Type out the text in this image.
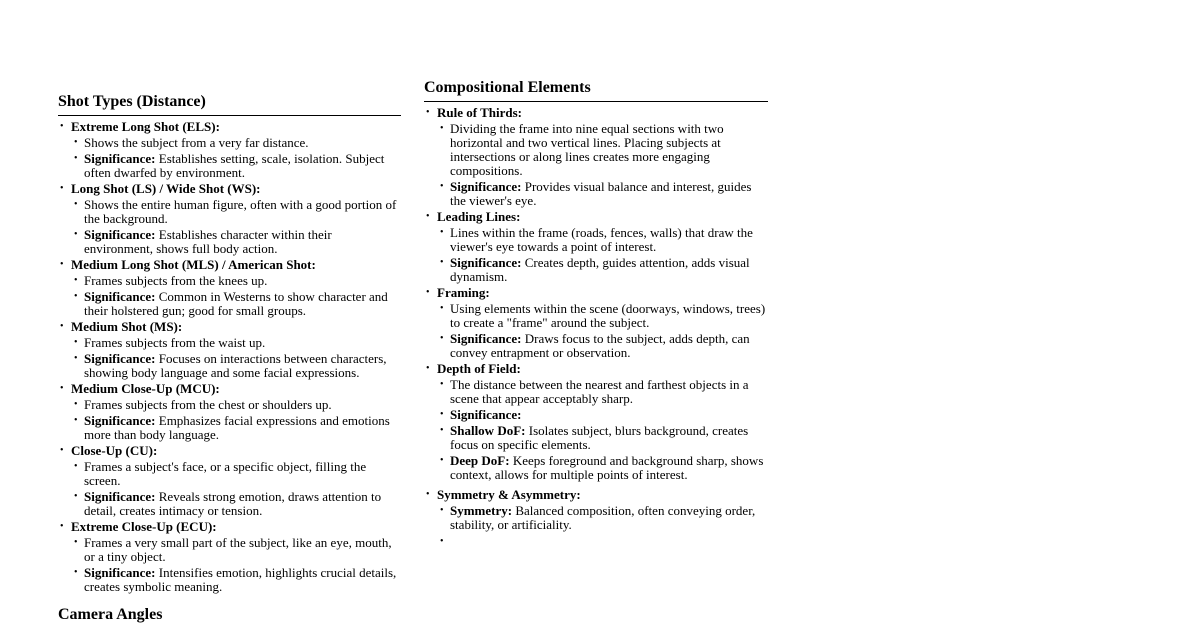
Shot Types (Distance)
• Extreme Long Shot (ELS):
• Shows the subject from a very far distance.
• Significance: Establishes setting, scale, isolation. Subject often dwarfed by environment.
• Long Shot (LS) / Wide Shot (WS):
• Shows the entire human figure, often with a good portion of the background.
• Significance: Establishes character within their environment, shows full body action.
• Medium Long Shot (MLS) / American Shot:
• Frames subjects from the knees up.
• Significance: Common in Westerns to show character and their holstered gun; good for small groups.
• Medium Shot (MS):
• Frames subjects from the waist up.
• Significance: Focuses on interactions between characters, showing body language and some facial expressions.
• Medium Close-Up (MCU):
• Frames subjects from the chest or shoulders up.
• Significance: Emphasizes facial expressions and emotions more than body language.
• Close-Up (CU):
• Frames a subject's face, or a specific object, filling the screen.
• Significance: Reveals strong emotion, draws attention to detail, creates intimacy or tension.
• Extreme Close-Up (ECU):
• Frames a very small part of the subject, like an eye, mouth, or a tiny object.
• Significance: Intensifies emotion, highlights crucial details, creates symbolic meaning.
Camera Angles
Compositional Elements
• Rule of Thirds:
• Dividing the frame into nine equal sections with two horizontal and two vertical lines. Placing subjects at intersections or along lines creates more engaging compositions.
• Significance: Provides visual balance and interest, guides the viewer's eye.
• Leading Lines:
• Lines within the frame (roads, fences, walls) that draw the viewer's eye towards a point of interest.
• Significance: Creates depth, guides attention, adds visual dynamism.
• Framing:
• Using elements within the scene (doorways, windows, trees) to create a "frame" around the subject.
• Significance: Draws focus to the subject, adds depth, can convey entrapment or observation.
• Depth of Field:
• The distance between the nearest and farthest objects in a scene that appear acceptably sharp.
• Significance:
• Shallow DoF: Isolates subject, blurs background, creates focus on specific elements.
• Deep DoF: Keeps foreground and background sharp, shows context, allows for multiple points of interest.
• Symmetry & Asymmetry:
• Symmetry: Balanced composition, often conveying order, stability, or artificiality.
•
